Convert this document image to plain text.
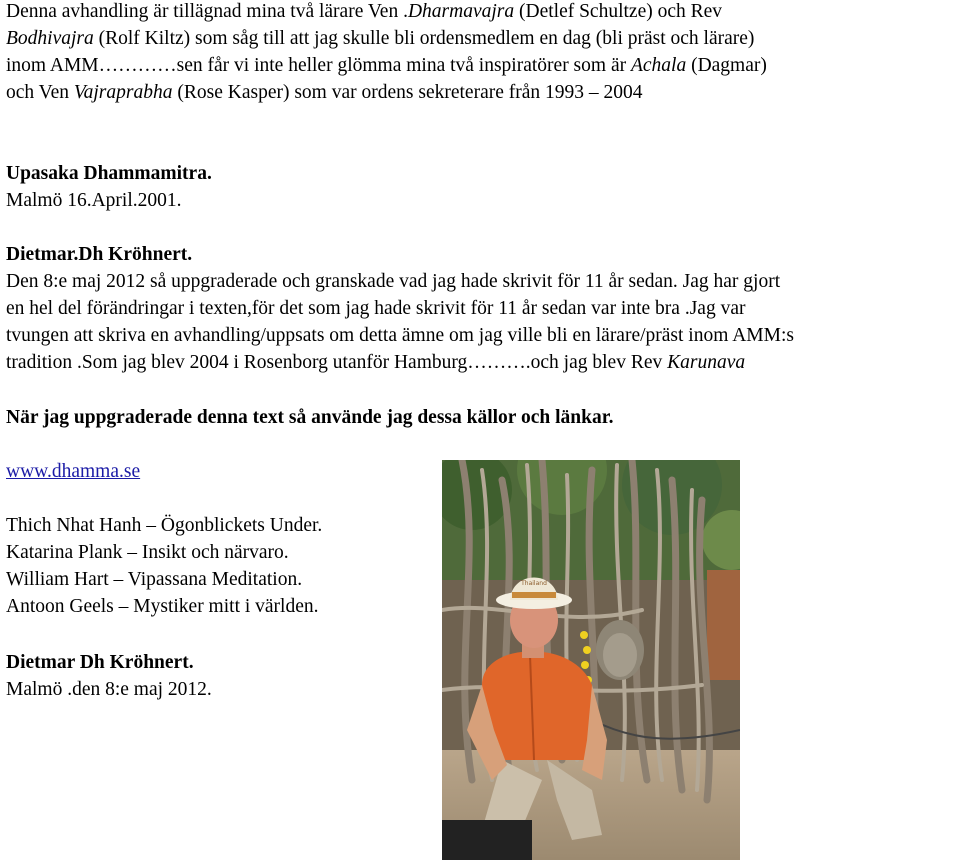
Denna avhandling är tillägnad mina två lärare Ven .Dharmavajra (Detlef Schultze) och Rev
Bodhivajra (Rolf Kiltz) som såg till att jag skulle bli ordensmedlem en dag (bli präst och lärare)
inom AMM…………sen får vi inte heller glömma mina två inspiratörer som är Achala (Dagmar)
och Ven Vajraprabha (Rose Kasper) som var ordens sekreterare från 1993 – 2004
Upasaka Dhammamitra.
Malmö 16.April.2001.
Dietmar.Dh Kröhnert.
Den 8:e maj 2012 så uppgraderade och granskade vad jag hade skrivit för 11 år sedan. Jag har gjort
en hel del förändringar i texten,för det som jag hade skrivit för 11 år sedan var inte bra .Jag var
tvungen att skriva en avhandling/uppsats om detta ämne om jag ville bli en lärare/präst inom AMM:s
tradition .Som jag blev 2004 i Rosenborg utanför Hamburg……….och jag blev Rev Karunava
När jag uppgraderade denna text så använde jag dessa källor och länkar.
www.dhamma.se
Thich Nhat Hanh – Ögonblickets Under.
Katarina Plank – Insikt och närvaro.
William Hart – Vipassana Meditation.
Antoon Geels – Mystiker mitt i världen.
Dietmar Dh Kröhnert.
Malmö .den 8:e maj 2012.
Thailand
